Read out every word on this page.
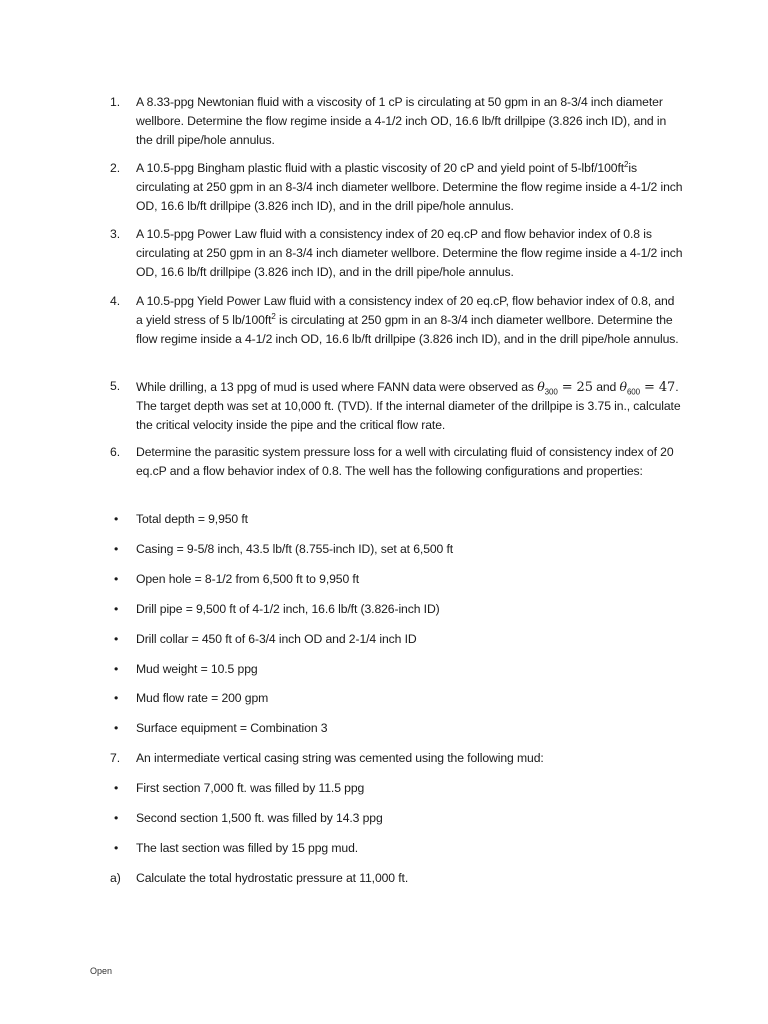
1. A 8.33-ppg Newtonian fluid with a viscosity of 1 cP is circulating at 50 gpm in an 8-3/4 inch diameter wellbore. Determine the flow regime inside a 4-1/2 inch OD, 16.6 lb/ft drillpipe (3.826 inch ID), and in the drill pipe/hole annulus.
2. A 10.5-ppg Bingham plastic fluid with a plastic viscosity of 20 cP and yield point of $5-lbf/100ft^2is$ circulating at 250 gpm in an 8-3/4 inch diameter wellbore. Determine the flow regime inside a 4-1/2 inch OD, 16.6 lb/ft drillpipe (3.826 inch ID), and in the drill pipe/hole annulus.
3. A 10.5-ppg Power Law fluid with a consistency index of 20 eq.cP and flow behavior index of 0.8 is circulating at 250 gpm in an 8-3/4 inch diameter wellbore. Determine the flow regime inside a 4-1/2 inch OD, 16.6 lb/ft drillpipe (3.826 inch ID), and in the drill pipe/hole annulus.
4. A 10.5-ppg Yield Power Law fluid with a consistency index of 20 eq.cP, flow behavior index of 0.8, and a yield stress of 5 $lb/100ft^2$ is circulating at 250 gpm in an 8-3/4 inch diameter wellbore. Determine the flow regime inside a 4-1/2 inch OD, 16.6 lb/ft drillpipe (3.826 inch ID), and in the drill pipe/hole annulus.
5. While drilling, a 13 ppg of mud is used where FANN data were observed as $\theta_{300} = 25$ and $\theta_{600} = 47$. The target depth was set at 10,000 ft. (TVD). If the internal diameter of the drillpipe is 3.75 in., calculate the critical velocity inside the pipe and the critical flow rate.
6. Determine the parasitic system pressure loss for a well with circulating fluid of consistency index of 20 eq.cP and a flow behavior index of 0.8. The well has the following configurations and properties:
• Total depth = 9,950 ft
• Casing = 9-5/8 inch, 43.5 lb/ft (8.755-inch ID), set at 6,500 ft
• Open hole = 8-1/2 from 6,500 ft to 9,950 ft
• Drill pipe = 9,500 ft of 4-1/2 inch, 16.6 lb/ft (3.826-inch ID)
• Drill collar = 450 ft of 6-3/4 inch OD and 2-1/4 inch ID
• Mud weight = 10.5 ppg
• Mud flow rate = 200 gpm
• Surface equipment = Combination 3
7. An intermediate vertical casing string was cemented using the following mud:
• First section 7,000 ft. was filled by 11.5 ppg
• Second section 1,500 ft. was filled by 14.3 ppg
• The last section was filled by 15 ppg mud.
a) Calculate the total hydrostatic pressure at 11,000 ft.
Open
